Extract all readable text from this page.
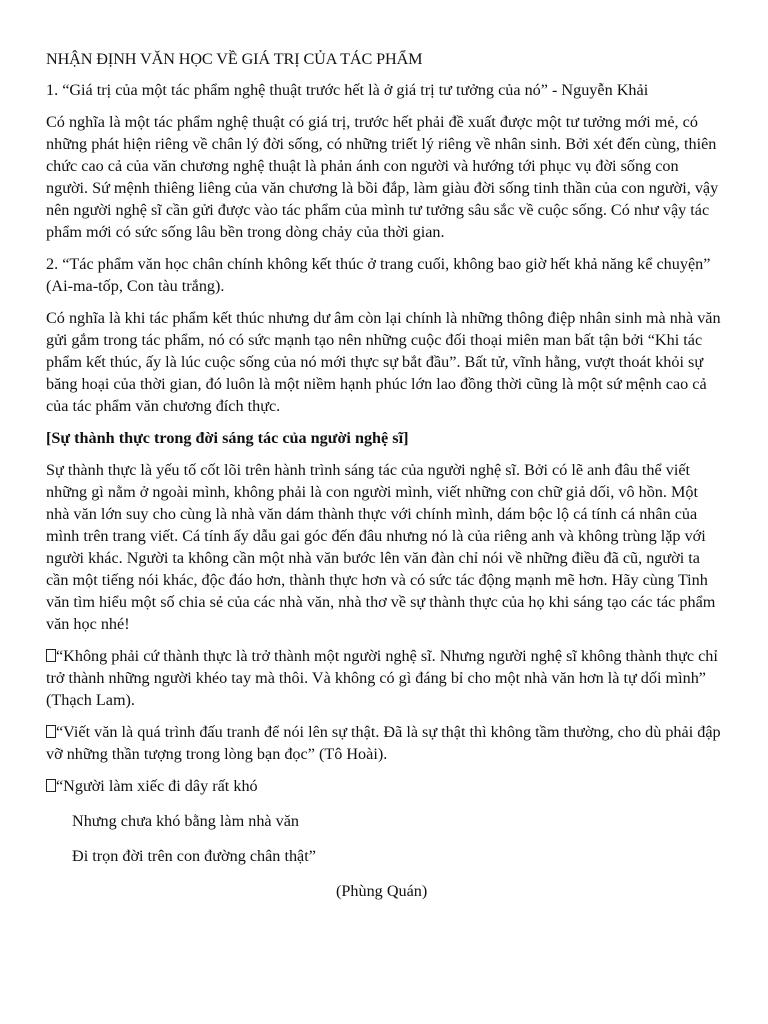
NHẬN ĐỊNH VĂN HỌC VỀ GIÁ TRỊ CỦA TÁC PHẨM

1. “Giá trị của một tác phẩm nghệ thuật trước hết là ở giá trị tư tưởng của nó” - Nguyễn Khải

Có nghĩa là một tác phẩm nghệ thuật có giá trị, trước hết phải đề xuất được một tư tưởng mới mẻ, có những phát hiện riêng về chân lý đời sống, có những triết lý riêng về nhân sinh. Bởi xét đến cùng, thiên chức cao cả của văn chương nghệ thuật là phản ánh con người và hướng tới phục vụ đời sống con người. Sứ mệnh thiêng liêng của văn chương là bồi đắp, làm giàu đời sống tinh thần của con người, vậy nên người nghệ sĩ cần gửi được vào tác phẩm của mình tư tưởng sâu sắc về cuộc sống. Có như vậy tác phẩm mới có sức sống lâu bền trong dòng chảy của thời gian.

2. “Tác phẩm văn học chân chính không kết thúc ở trang cuối, không bao giờ hết khả năng kể chuyện” (Ai-ma-tốp, Con tàu trắng).

Có nghĩa là khi tác phẩm kết thúc nhưng dư âm còn lại chính là những thông điệp nhân sinh mà nhà văn gửi gắm trong tác phẩm, nó có sức mạnh tạo nên những cuộc đối thoại miên man bất tận bởi “Khi tác phẩm kết thúc, ấy là lúc cuộc sống của nó mới thực sự bắt đầu”. Bất tử, vĩnh hằng, vượt thoát khỏi sự băng hoại của thời gian, đó luôn là một niềm hạnh phúc lớn lao đồng thời cũng là một sứ mệnh cao cả của tác phẩm văn chương đích thực.

[Sự thành thực trong đời sáng tác của người nghệ sĩ]

Sự thành thực là yếu tố cốt lõi trên hành trình sáng tác của người nghệ sĩ. Bởi có lẽ anh đâu thể viết những gì nằm ở ngoài mình, không phải là con người mình, viết những con chữ giả dối, vô hồn. Một nhà văn lớn suy cho cùng là nhà văn dám thành thực với chính mình, dám bộc lộ cá tính cá nhân của mình trên trang viết. Cá tính ấy dẫu gai góc đến đâu nhưng nó là của riêng anh và không trùng lặp với người khác. Người ta không cần một nhà văn bước lên văn đàn chỉ nói về những điều đã cũ, người ta cần một tiếng nói khác, độc đáo hơn, thành thực hơn và có sức tác động mạnh mẽ hơn. Hãy cùng Tinh văn tìm hiểu một số chia sẻ của các nhà văn, nhà thơ về sự thành thực của họ khi sáng tạo các tác phẩm văn học nhé!

“Không phải cứ thành thực là trở thành một người nghệ sĩ. Nhưng người nghệ sĩ không thành thực chỉ trở thành những người khéo tay mà thôi. Và không có gì đáng bỉ cho một nhà văn hơn là tự dối mình” (Thạch Lam).

“Viết văn là quá trình đấu tranh để nói lên sự thật. Đã là sự thật thì không tầm thường, cho dù phải đập vỡ những thần tượng trong lòng bạn đọc” (Tô Hoài).

“Người làm xiếc đi dây rất khó

Nhưng chưa khó bằng làm nhà văn

Đi trọn đời trên con đường chân thật”

(Phùng Quán)
